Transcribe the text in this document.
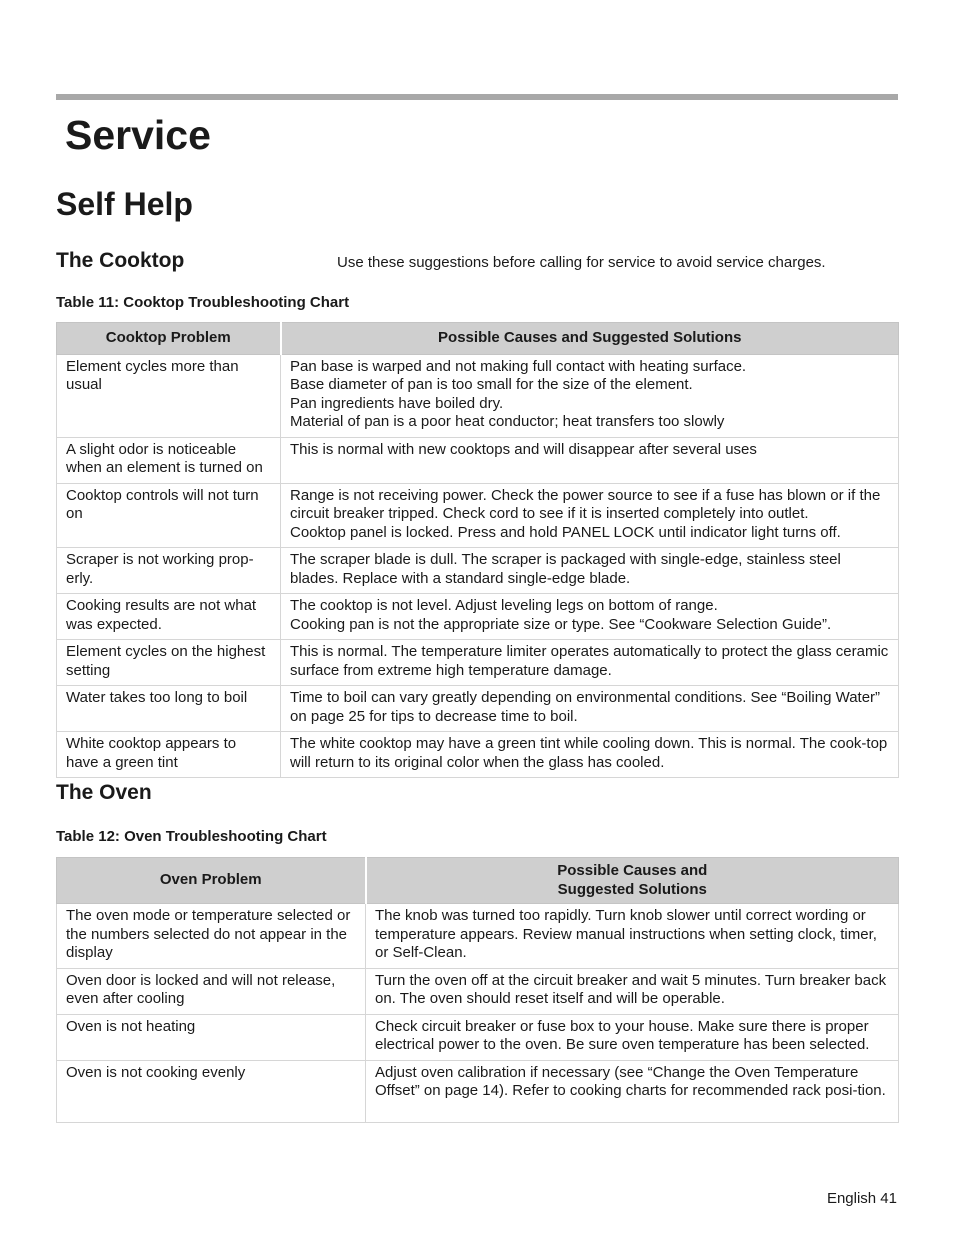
Service
Self Help
The Cooktop	Use these suggestions before calling for service to avoid service charges.
Table 11: Cooktop Troubleshooting Chart
Cooktop Problem	Possible Causes and Suggested Solutions
Element cycles more than usual	Pan base is warped and not making full contact with heating surface.
Base diameter of pan is too small for the size of the element.
Pan ingredients have boiled dry.
Material of pan is a poor heat conductor; heat transfers too slowly

A slight odor is noticeable when an element is turned on	This is normal with new cooktops and will disappear after several uses

Cooktop controls will not turn on	Range is not receiving power. Check the power source to see if a fuse has blown or if the circuit breaker tripped. Check cord to see if it is inserted completely into outlet.
Cooktop panel is locked. Press and hold PANEL LOCK until indicator light turns off.

Scraper is not working prop-erly.	The scraper blade is dull. The scraper is packaged with single-edge, stainless steel blades. Replace with a standard single-edge blade.

Cooking results are not what was expected.	The cooktop is not level. Adjust leveling legs on bottom of range.
Cooking pan is not the appropriate size or type. See “Cookware Selection Guide”.

Element cycles on the highest setting	This is normal. The temperature limiter operates automatically to protect the glass ceramic surface from extreme high temperature damage.

Water takes too long to boil	Time to boil can vary greatly depending on environmental conditions. See “Boiling Water” on page 25 for tips to decrease time to boil.

White cooktop appears to have a green tint	The white cooktop may have a green tint while cooling down. This is normal. The cook-top will return to its original color when the glass has cooled.
The Oven
Table 12: Oven Troubleshooting Chart
Oven Problem	Possible Causes and
Suggested Solutions

The oven mode or temperature selected or the numbers selected do not appear in the display	The knob was turned too rapidly. Turn knob slower until correct wording or temperature appears. Review manual instructions when setting clock, timer, or Self-Clean.

Oven door is locked and will not release, even after cooling	Turn the oven off at the circuit breaker and wait 5 minutes. Turn breaker back on. The oven should reset itself and will be operable.

Oven is not heating	Check circuit breaker or fuse box to your house. Make sure there is proper electrical power to the oven. Be sure oven temperature has been selected.

Oven is not cooking evenly	Adjust oven calibration if necessary (see “Change the Oven Temperature Offset” on page 14). Refer to cooking charts for recommended rack posi-tion.
English 41
